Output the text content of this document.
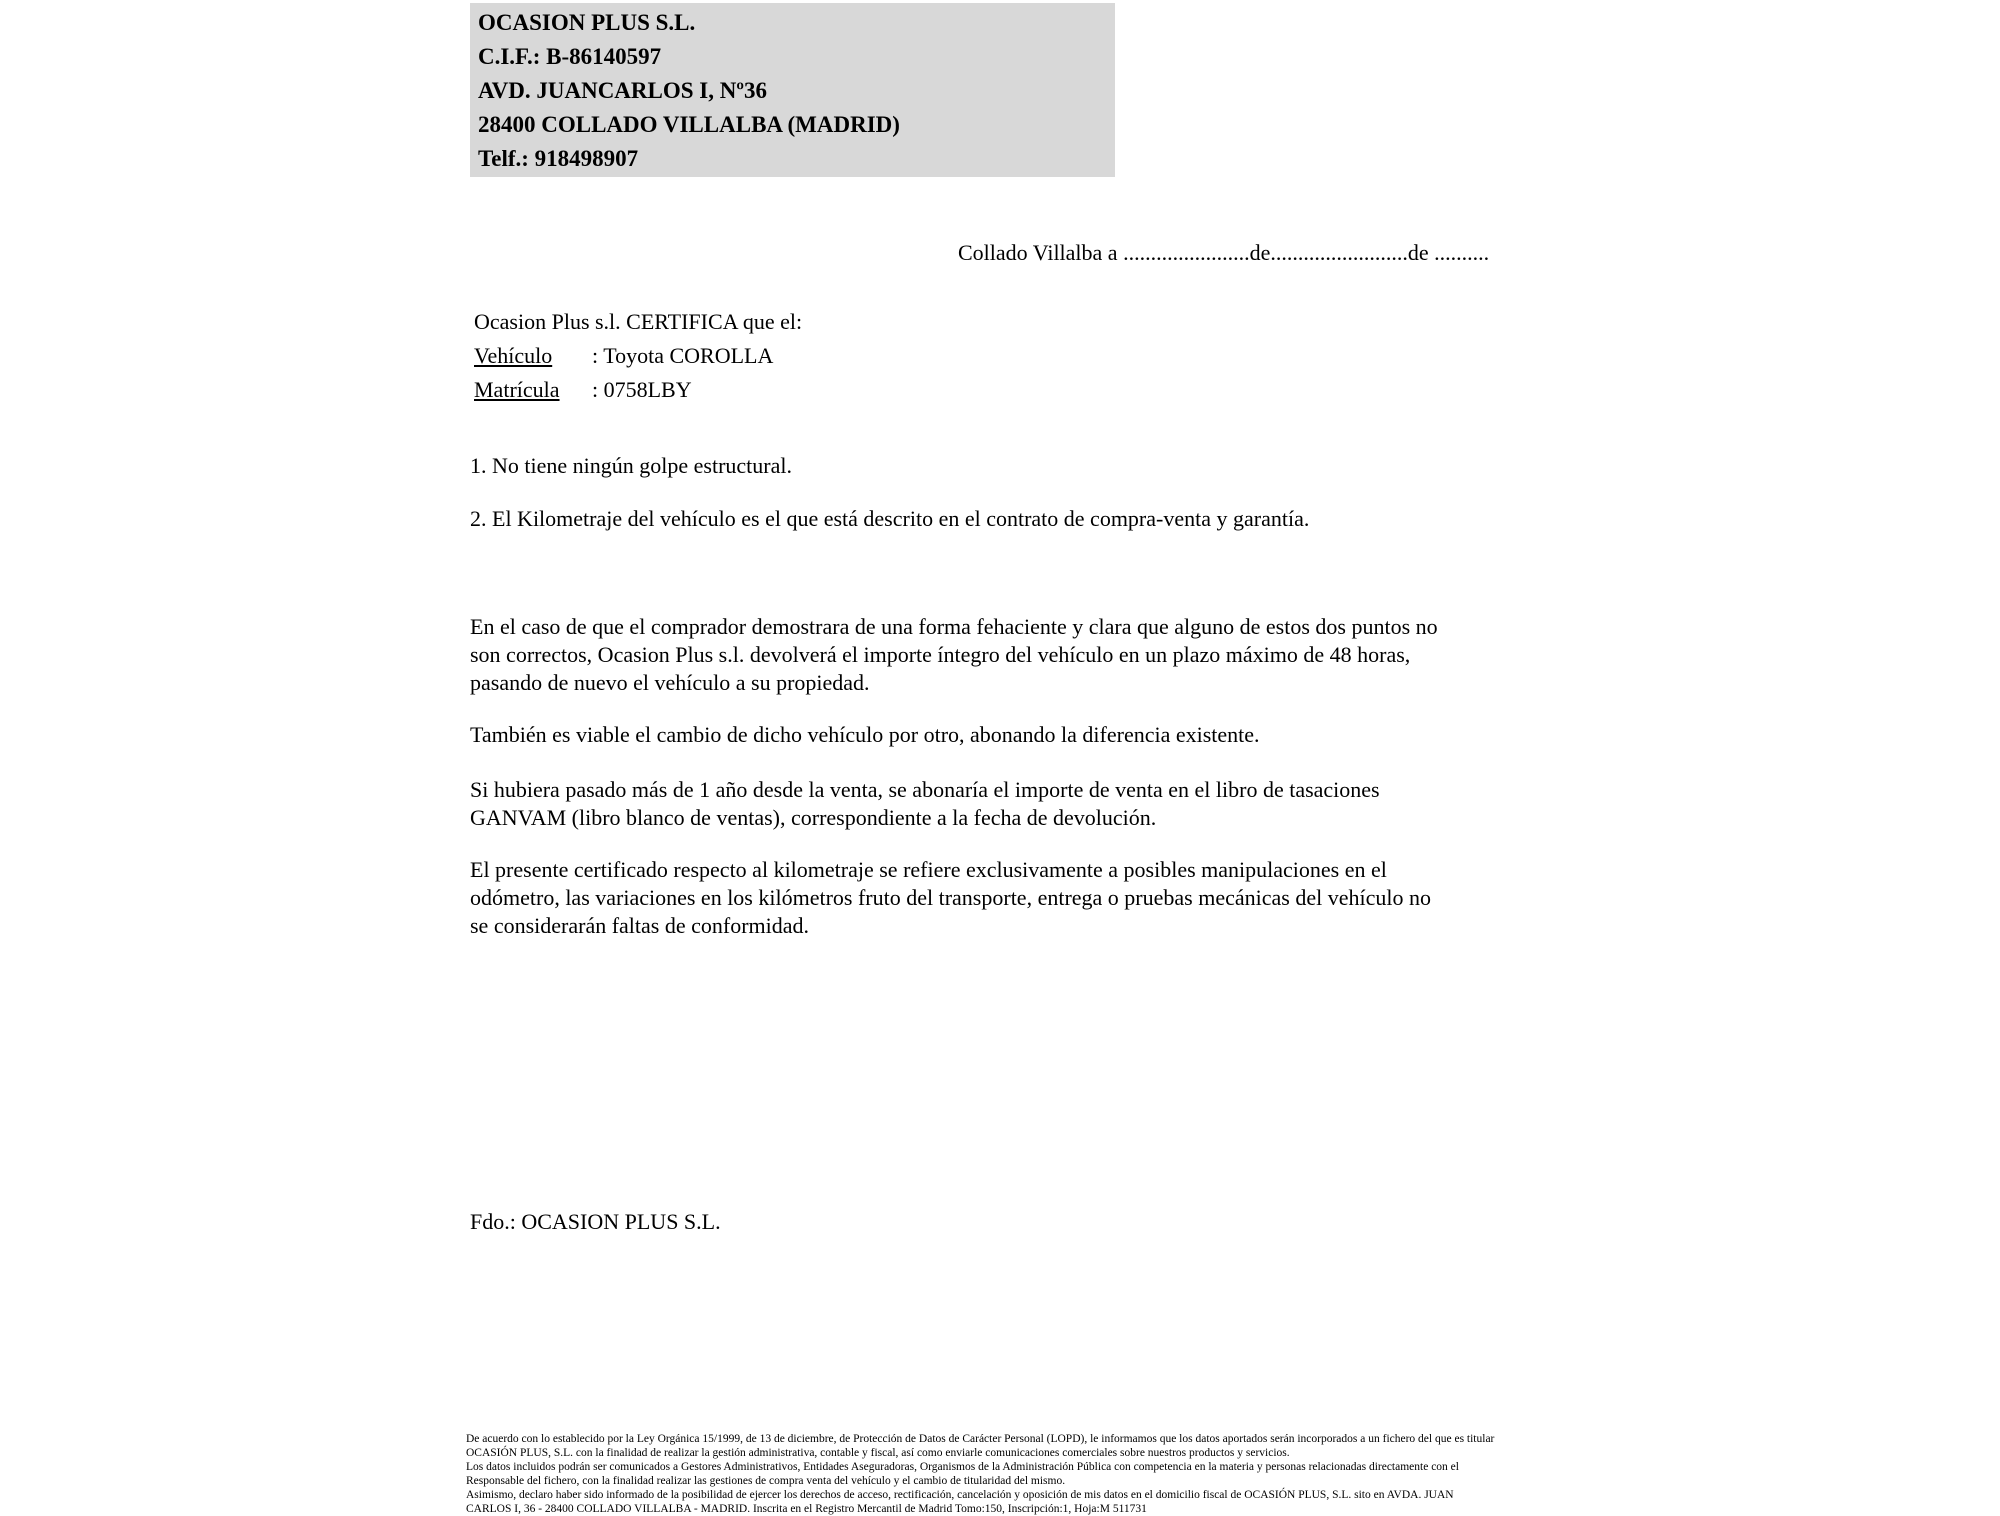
OCASION PLUS S.L.
C.I.F.: B-86140597
AVD. JUANCARLOS I, Nº36
28400 COLLADO VILLALBA (MADRID)
Telf.: 918498907
Collado Villalba a .......................de.........................de ..........
Ocasion Plus s.l. CERTIFICA que el:
Vehículo : Toyota COROLLA
Matrícula : 0758LBY
1. No tiene ningún golpe estructural.
2. El Kilometraje del vehículo es el que está descrito en el contrato de compra-venta y garantía.
En el caso de que el comprador demostrara de una forma fehaciente y clara que alguno de estos dos puntos no
son correctos, Ocasion Plus s.l. devolverá el importe íntegro del vehículo en un plazo máximo de 48 horas,
pasando de nuevo el vehículo a su propiedad.
También es viable el cambio de dicho vehículo por otro, abonando la diferencia existente.
Si hubiera pasado más de 1 año desde la venta, se abonaría el importe de venta en el libro de tasaciones
GANVAM (libro blanco de ventas), correspondiente a la fecha de devolución.
El presente certificado respecto al kilometraje se refiere exclusivamente a posibles manipulaciones en el
odómetro, las variaciones en los kilómetros fruto del transporte, entrega o pruebas mecánicas del vehículo no
se considerarán faltas de conformidad.
Fdo.: OCASION PLUS S.L.
De acuerdo con lo establecido por la Ley Orgánica 15/1999, de 13 de diciembre, de Protección de Datos de Carácter Personal (LOPD), le informamos que los datos aportados serán incorporados a un fichero del que es titular
OCASIÓN PLUS, S.L. con la finalidad de realizar la gestión administrativa, contable y fiscal, así como enviarle comunicaciones comerciales sobre nuestros productos y servicios.
Los datos incluidos podrán ser comunicados a Gestores Administrativos, Entidades Aseguradoras, Organismos de la Administración Pública con competencia en la materia y personas relacionadas directamente con el
Responsable del fichero, con la finalidad realizar las gestiones de compra venta del vehículo y el cambio de titularidad del mismo.
Asimismo, declaro haber sido informado de la posibilidad de ejercer los derechos de acceso, rectificación, cancelación y oposición de mis datos en el domicilio fiscal de OCASIÓN PLUS, S.L. sito en AVDA. JUAN
CARLOS I, 36 - 28400 COLLADO VILLALBA - MADRID. Inscrita en el Registro Mercantil de Madrid Tomo:150, Inscripción:1, Hoja:M 511731
